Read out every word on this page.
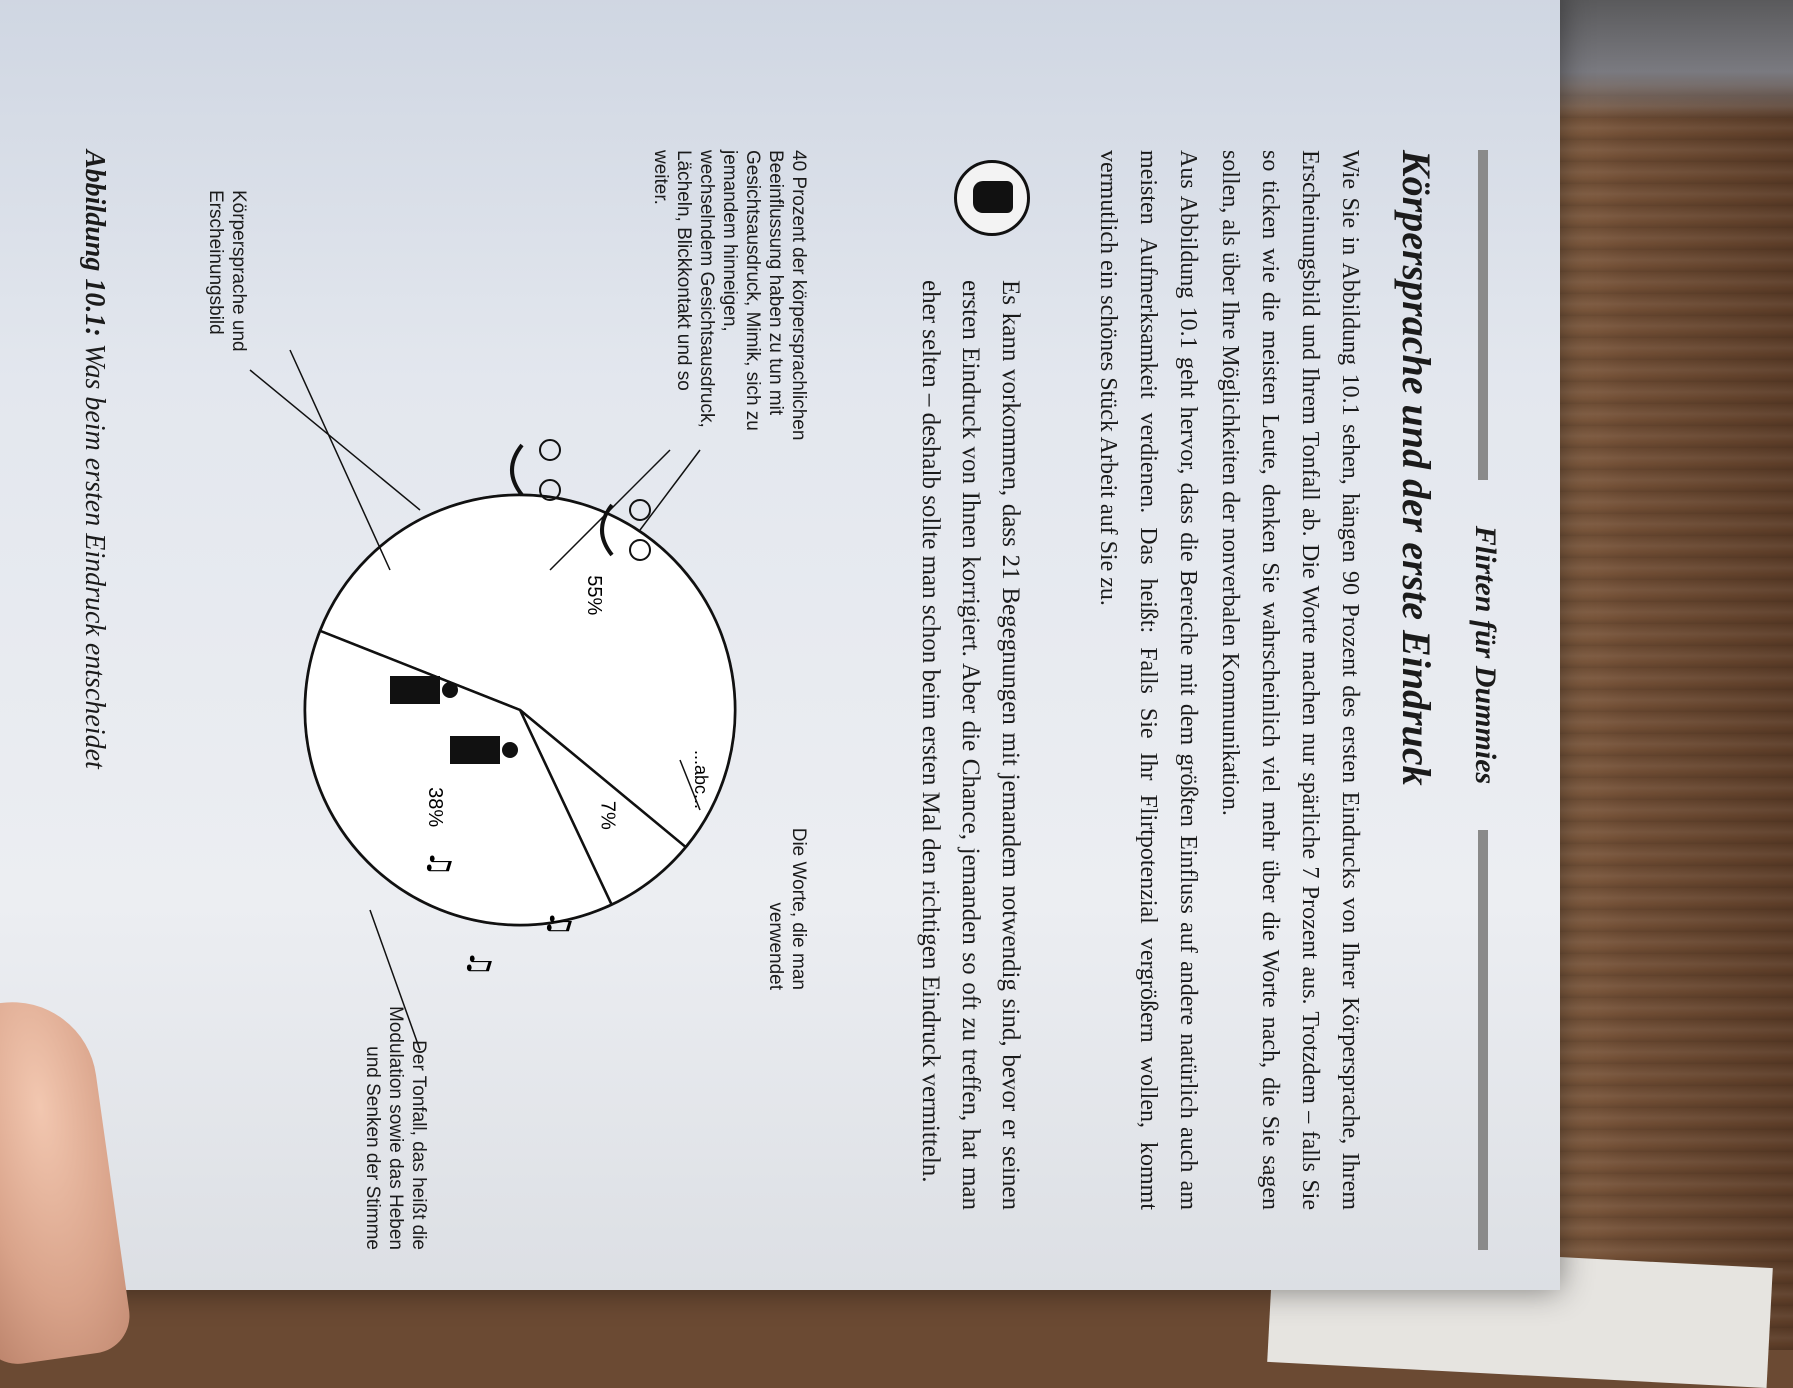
Flirten für Dummies
Körpersprache und der erste Eindruck

Wie Sie in Abbildung 10.1 sehen, hängen 90 Prozent des ersten Eindrucks von Ihrer Körpersprache, Ihrem Erscheinungsbild und Ihrem Tonfall ab. Die Worte machen nur spärliche 7 Prozent aus. Trotzdem – falls Sie so ticken wie die meisten Leute, denken Sie wahrscheinlich viel mehr über die Worte nach, die Sie sagen sollen, als über Ihre Möglichkeiten der nonverbalen Kommunikation.

Aus Abbildung 10.1 geht hervor, dass die Bereiche mit dem größten Einfluss auf andere natürlich auch am meisten Aufmerksamkeit verdienen. Das heißt: Falls Sie Ihr Flirtpotenzial vergrößern wollen, kommt vermutlich ein schönes Stück Arbeit auf Sie zu.

Es kann vorkommen, dass 21 Begegnungen mit jemandem notwendig sind, bevor er seinen ersten Eindruck von Ihnen korrigiert. Aber die Chance, jemanden so oft zu treffen, hat man eher selten – deshalb sollte man schon beim ersten Mal den richtigen Eindruck vermitteln.
55%
7%
38%	...abc...
♫
♫
♫
40 Prozent der körpersprachlichen Beeinflussung haben zu tun mit Gesichtsausdruck, Mimik, sich zu jemandem hinneigen, wechselndem Gesichtsausdruck, Lächeln, Blickkontakt und so weiter.
Körpersprache und Erscheinungsbild
Die Worte, die man verwendet
Der Tonfall, das heißt die Modulation sowie das Heben und Senken der Stimme
Abbildung 10.1: Was beim ersten Eindruck entscheidet
